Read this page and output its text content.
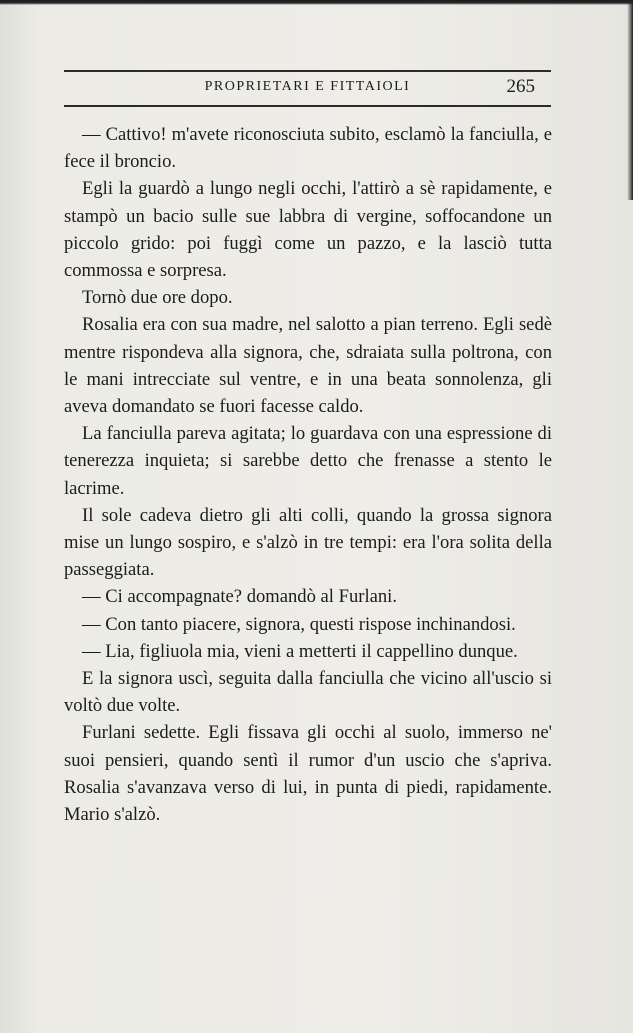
PROPRIETARI E FITTAIOLI	265

— Cattivo! m'avete riconosciuta subito, esclamò la fanciulla, e fece il broncio.

Egli la guardò a lungo negli occhi, l'attirò a sè rapidamente, e stampò un bacio sulle sue labbra di vergine, soffocandone un piccolo grido: poi fuggì come un pazzo, e la lasciò tutta commossa e sorpresa.

Tornò due ore dopo.

Rosalia era con sua madre, nel salotto a pian terreno. Egli sedè mentre rispondeva alla signora, che, sdraiata sulla poltrona, con le mani intrecciate sul ventre, e in una beata sonnolenza, gli aveva domandato se fuori facesse caldo.

La fanciulla pareva agitata; lo guardava con una espressione di tenerezza inquieta; si sarebbe detto che frenasse a stento le lacrime.

Il sole cadeva dietro gli alti colli, quando la grossa signora mise un lungo sospiro, e s'alzò in tre tempi: era l'ora solita della passeggiata.

— Ci accompagnate? domandò al Furlani.

— Con tanto piacere, signora, questi rispose inchinandosi.

— Lia, figliuola mia, vieni a metterti il cappellino dunque.

E la signora uscì, seguita dalla fanciulla che vicino all'uscio si voltò due volte.

Furlani sedette. Egli fissava gli occhi al suolo, immerso ne' suoi pensieri, quando sentì il rumor d'un uscio che s'apriva. Rosalia s'avanzava verso di lui, in punta di piedi, rapidamente. Mario s'alzò.
